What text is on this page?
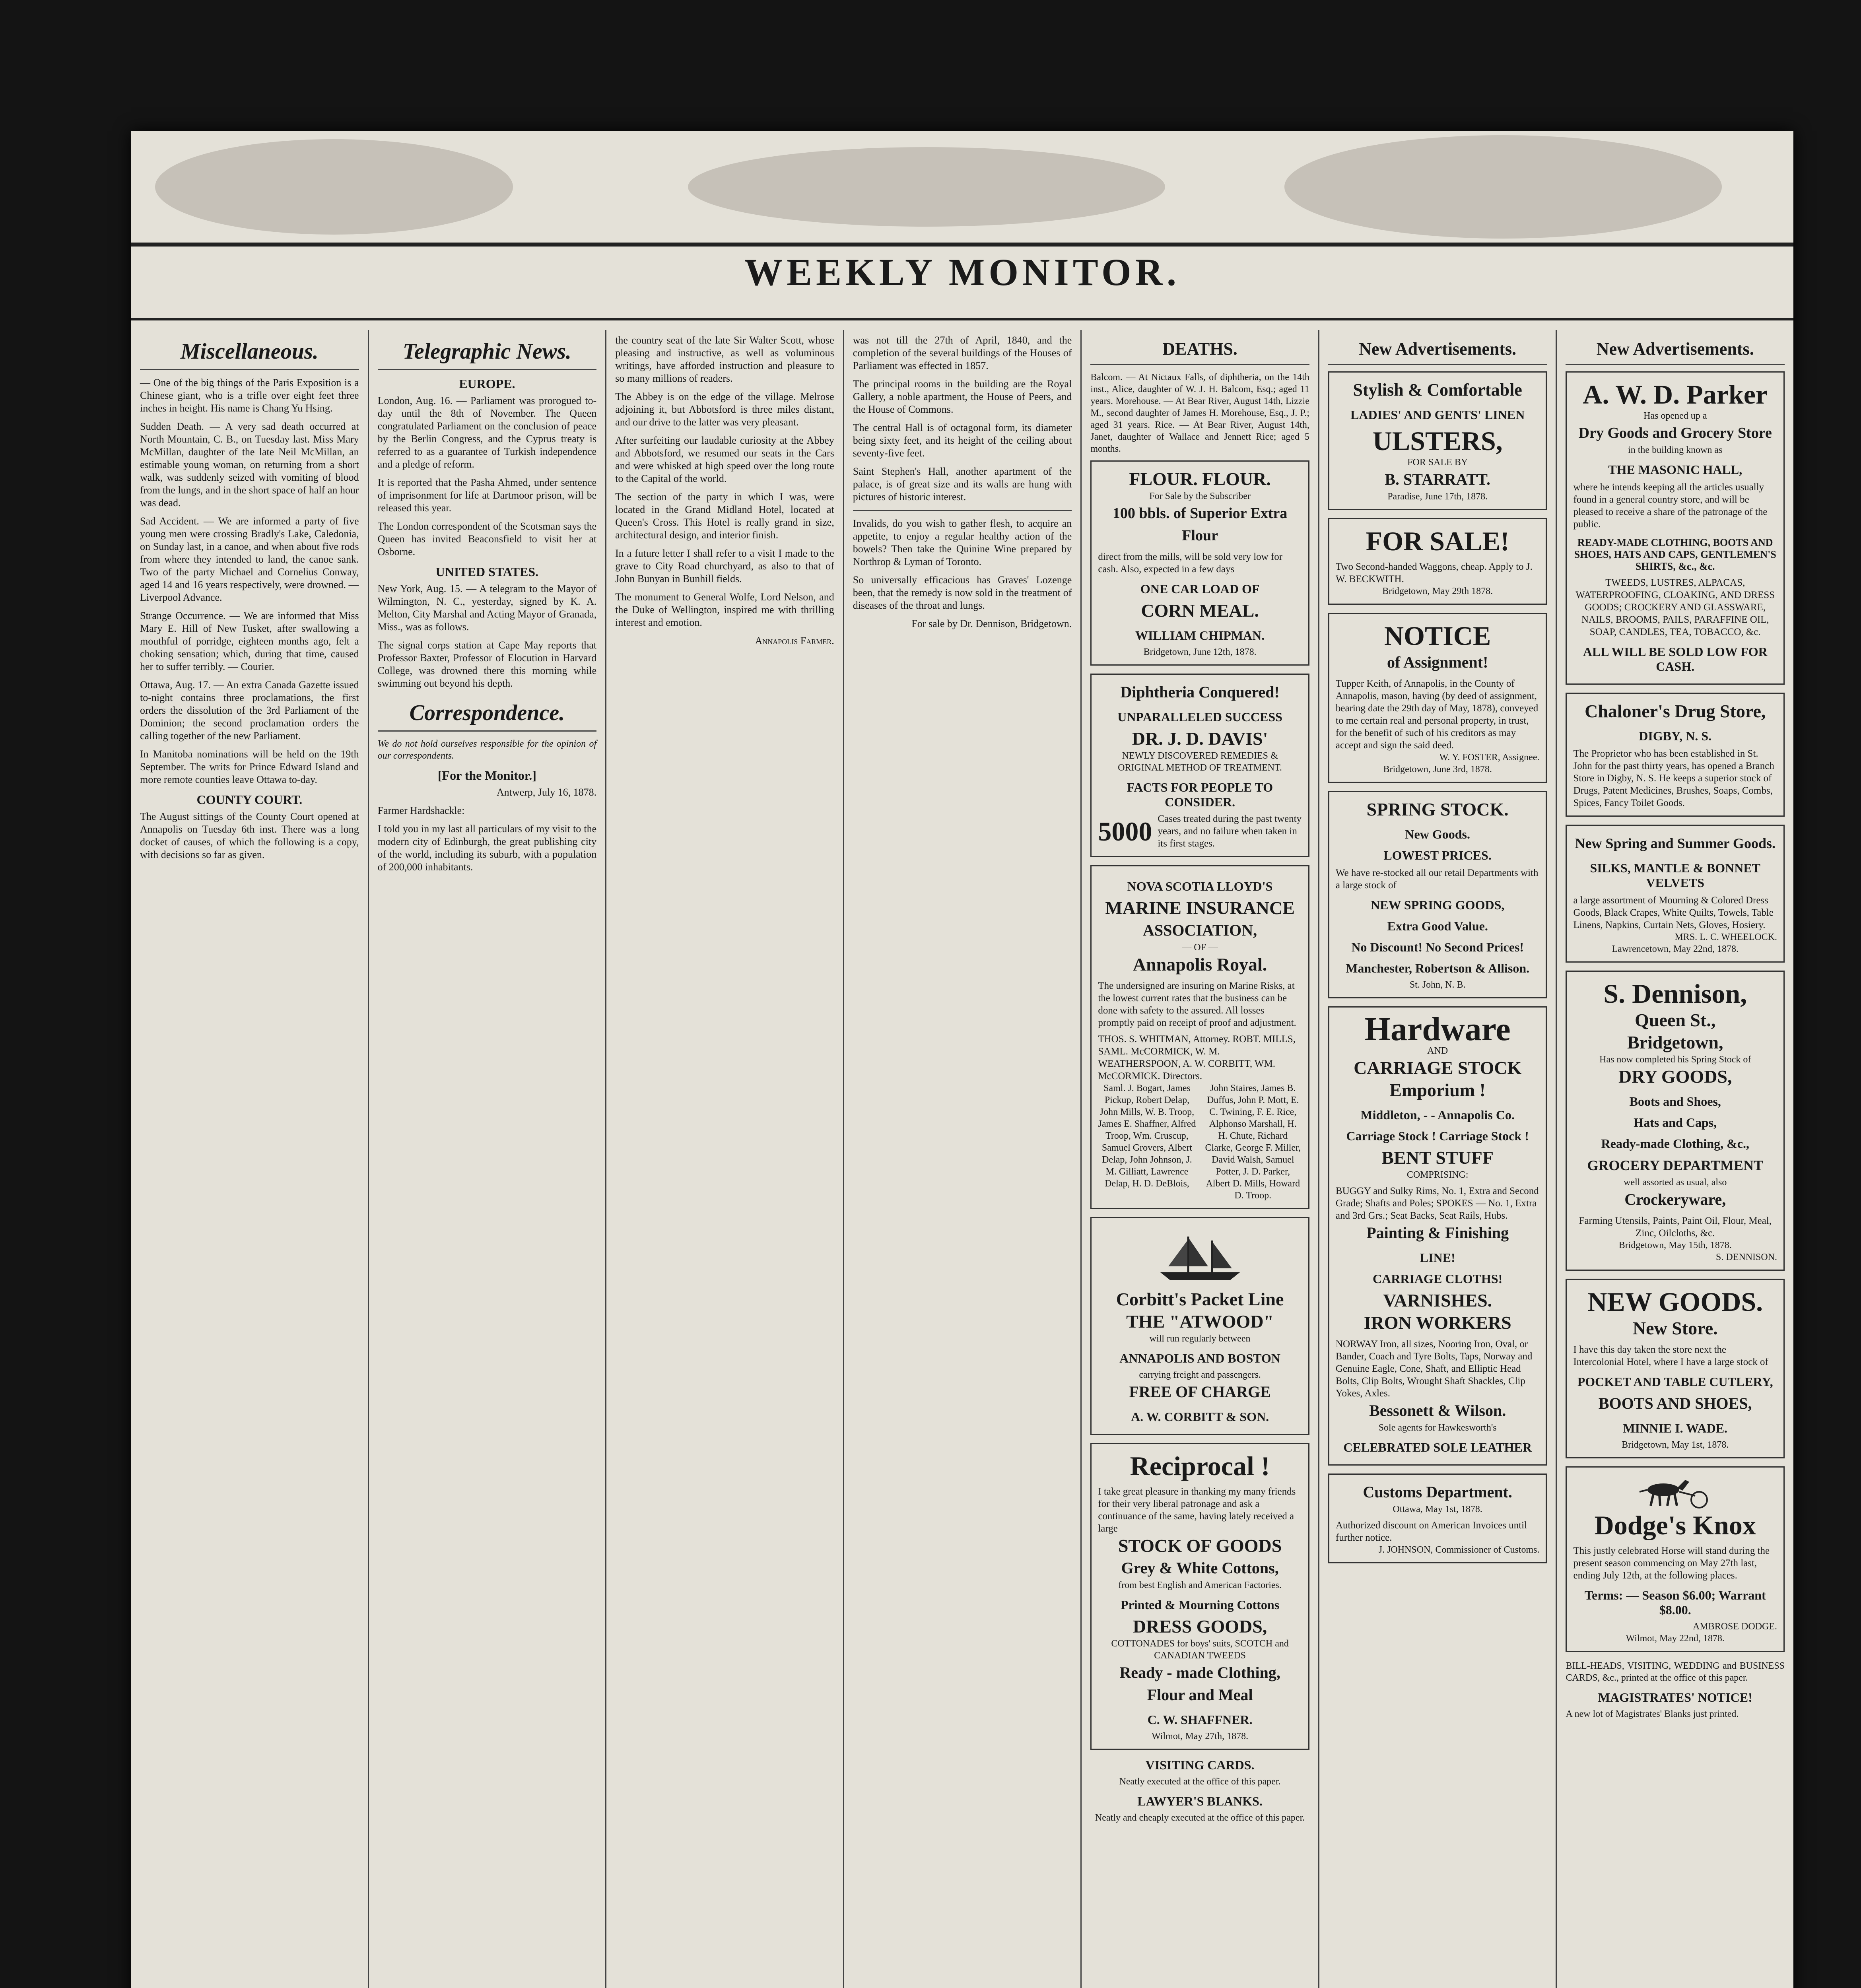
WEEKLY MONITOR.
Miscellaneous.

— One of the big things of the Paris Exposition is a Chinese giant, who is a trifle over eight feet three inches in height. His name is Chang Yu Hsing.

Sudden Death. — A very sad death occurred at North Mountain, C. B., on Tuesday last. Miss Mary McMillan, daughter of the late Neil McMillan, an estimable young woman, on returning from a short walk, was suddenly seized with vomiting of blood from the lungs, and in the short space of half an hour was dead.

Sad Accident. — We are informed a party of five young men were crossing Bradly's Lake, Caledonia, on Sunday last, in a canoe, and when about five rods from where they intended to land, the canoe sank. Two of the party Michael and Cornelius Conway, aged 14 and 16 years respectively, were drowned. — Liverpool Advance.

Strange Occurrence. — We are informed that Miss Mary E. Hill of New Tusket, after swallowing a mouthful of porridge, eighteen months ago, felt a choking sensation; which, during that time, caused her to suffer terribly. — Courier.

Ottawa, Aug. 17. — An extra Canada Gazette issued to-night contains three proclamations, the first orders the dissolution of the 3rd Parliament of the Dominion; the second proclamation orders the calling together of the new Parliament.

In Manitoba nominations will be held on the 19th September. The writs for Prince Edward Island and more remote counties leave Ottawa to-day.

COUNTY COURT.

The August sittings of the County Court opened at Annapolis on Tuesday 6th inst. There was a long docket of causes, of which the following is a copy, with decisions so far as given.

Telegraphic News.
EUROPE.

London, Aug. 16. — Parliament was prorogued to-day until the 8th of November. The Queen congratulated Parliament on the conclusion of peace by the Berlin Congress, and the Cyprus treaty is referred to as a guarantee of Turkish independence and a pledge of reform.

It is reported that the Pasha Ahmed, under sentence of imprisonment for life at Dartmoor prison, will be released this year.

The London correspondent of the Scotsman says the Queen has invited Beaconsfield to visit her at Osborne.

UNITED STATES.

New York, Aug. 15. — A telegram to the Mayor of Wilmington, N. C., yesterday, signed by K. A. Melton, City Marshal and Acting Mayor of Granada, Miss., was as follows.

The signal corps station at Cape May reports that Professor Baxter, Professor of Elocution in Harvard College, was drowned there this morning while swimming out beyond his depth.

Correspondence.

We do not hold ourselves responsible for the opinion of our correspondents.

[For the Monitor.]

Antwerp, July 16, 1878.

Farmer Hardshackle:

I told you in my last all particulars of my visit to the modern city of Edinburgh, the great publishing city of the world, including its suburb, with a population of 200,000 inhabitants.

the country seat of the late Sir Walter Scott, whose pleasing and instructive, as well as voluminous writings, have afforded instruction and pleasure to so many millions of readers.

The Abbey is on the edge of the village. Melrose adjoining it, but Abbotsford is three miles distant, and our drive to the latter was very pleasant.

After surfeiting our laudable curiosity at the Abbey and Abbotsford, we resumed our seats in the Cars and were whisked at high speed over the long route to the Capital of the world.

The section of the party in which I was, were located in the Grand Midland Hotel, located at Queen's Cross. This Hotel is really grand in size, architectural design, and interior finish.

In a future letter I shall refer to a visit I made to the grave to City Road churchyard, as also to that of John Bunyan in Bunhill fields.

The monument to General Wolfe, Lord Nelson, and the Duke of Wellington, inspired me with thrilling interest and emotion.

Annapolis Farmer.

was not till the 27th of April, 1840, and the completion of the several buildings of the Houses of Parliament was effected in 1857.

The principal rooms in the building are the Royal Gallery, a noble apartment, the House of Peers, and the House of Commons.

The central Hall is of octagonal form, its diameter being sixty feet, and its height of the ceiling about seventy-five feet.

Saint Stephen's Hall, another apartment of the palace, is of great size and its walls are hung with pictures of historic interest.

Invalids, do you wish to gather flesh, to acquire an appetite, to enjoy a regular healthy action of the bowels? Then take the Quinine Wine prepared by Northrop & Lyman of Toronto.

So universally efficacious has Graves' Lozenge been, that the remedy is now sold in the treatment of diseases of the throat and lungs.

For sale by Dr. Dennison, Bridgetown.

DEATHS.

Balcom. — At Nictaux Falls, of diphtheria, on the 14th inst., Alice, daughter of W. J. H. Balcom, Esq.; aged 11 years. Morehouse. — At Bear River, August 14th, Lizzie M., second daughter of James H. Morehouse, Esq., J. P.; aged 31 years. Rice. — At Bear River, August 14th, Janet, daughter of Wallace and Jennett Rice; aged 5 months.

FLOUR. FLOUR.
For Sale by the Subscriber
100 bbls. of Superior Extra Flour
direct from the mills, will be sold very low for cash. Also, expected in a few days
ONE CAR LOAD OF
CORN MEAL.
WILLIAM CHIPMAN.
Bridgetown, June 12th, 1878.
Diphtheria Conquered!
UNPARALLELED SUCCESS
DR. J. D. DAVIS'
NEWLY DISCOVERED REMEDIES & ORIGINAL METHOD OF TREATMENT.
FACTS FOR PEOPLE TO CONSIDER.
5000 Cases treated during the past twenty years, and no failure when taken in its first stages.
NOVA SCOTIA LLOYD'S
MARINE INSURANCE
ASSOCIATION,
— OF —
Annapolis Royal.
The undersigned are insuring on Marine Risks, at the lowest current rates that the business can be done with safety to the assured. All losses promptly paid on receipt of proof and adjustment.
THOS. S. WHITMAN, Attorney. ROBT. MILLS, SAML. McCORMICK, W. M. WEATHERSPOON, A. W. CORBITT, WM. McCORMICK. Directors.
Saml. J. Bogart, James Pickup, Robert Delap, John Mills, W. B. Troop, James E. Shaffner, Alfred Troop, Wm. Cruscup, Samuel Grovers, Albert Delap, John Johnson, J. M. Gilliatt, Lawrence Delap, H. D. DeBlois,
John Staires, James B. Duffus, John P. Mott, E. C. Twining, F. E. Rice, Alphonso Marshall, H. H. Chute, Richard Clarke, George F. Miller, David Walsh, Samuel Potter, J. D. Parker, Albert D. Mills, Howard D. Troop.
Corbitt's Packet Line
THE "ATWOOD"
will run regularly between
ANNAPOLIS AND BOSTON
carrying freight and passengers.
FREE OF CHARGE
A. W. CORBITT & SON.
Reciprocal !
I take great pleasure in thanking my many friends for their very liberal patronage and ask a continuance of the same, having lately received a large
STOCK OF GOODS
Grey & White Cottons,
from best English and American Factories.
Printed & Mourning Cottons
DRESS GOODS,
COTTONADES for boys' suits, SCOTCH and CANADIAN TWEEDS
Ready - made Clothing,
Flour and Meal
C. W. SHAFFNER.
Wilmot, May 27th, 1878.
VISITING CARDS.

Neatly executed at the office of this paper.

LAWYER'S BLANKS.

Neatly and cheaply executed at the office of this paper.

New Advertisements.
Stylish & Comfortable
LADIES' AND GENTS' LINEN
ULSTERS,
FOR SALE BY
B. STARRATT.
Paradise, June 17th, 1878.
FOR SALE!
Two Second-handed Waggons, cheap. Apply to J. W. BECKWITH.
Bridgetown, May 29th 1878.
NOTICE
of Assignment!
Tupper Keith, of Annapolis, in the County of Annapolis, mason, having (by deed of assignment, bearing date the 29th day of May, 1878), conveyed to me certain real and personal property, in trust, for the benefit of such of his creditors as may accept and sign the said deed.
W. Y. FOSTER, Assignee.
Bridgetown, June 3rd, 1878.
SPRING STOCK.
New Goods.
LOWEST PRICES.
We have re-stocked all our retail Departments with a large stock of
NEW SPRING GOODS,
Extra Good Value.
No Discount! No Second Prices!
Manchester, Robertson & Allison.
St. John, N. B.
Hardware
AND
CARRIAGE STOCK
Emporium !
Middleton, - - Annapolis Co.
Carriage Stock ! Carriage Stock !
BENT STUFF
COMPRISING:
BUGGY and Sulky Rims, No. 1, Extra and Second Grade; Shafts and Poles; SPOKES — No. 1, Extra and 3rd Grs.; Seat Backs, Seat Rails, Hubs.
Painting & Finishing
LINE!
CARRIAGE CLOTHS!
VARNISHES.
IRON WORKERS
NORWAY Iron, all sizes, Nooring Iron, Oval, or Bander, Coach and Tyre Bolts, Taps, Norway and Genuine Eagle, Cone, Shaft, and Elliptic Head Bolts, Clip Bolts, Wrought Shaft Shackles, Clip Yokes, Axles.
Bessonett & Wilson.
Sole agents for Hawkesworth's
CELEBRATED SOLE LEATHER
Customs Department.
Ottawa, May 1st, 1878.
Authorized discount on American Invoices until further notice.
J. JOHNSON, Commissioner of Customs.
New Advertisements.
A. W. D. Parker
Has opened up a
Dry Goods and Grocery Store
in the building known as
THE MASONIC HALL,
where he intends keeping all the articles usually found in a general country store, and will be pleased to receive a share of the patronage of the public.
READY-MADE CLOTHING, BOOTS AND SHOES, HATS AND CAPS, GENTLEMEN'S SHIRTS, &c., &c.
TWEEDS, LUSTRES, ALPACAS, WATERPROOFING, CLOAKING, AND DRESS GOODS; CROCKERY AND GLASSWARE, NAILS, BROOMS, PAILS, PARAFFINE OIL, SOAP, CANDLES, TEA, TOBACCO, &c.
ALL WILL BE SOLD LOW FOR CASH.
Chaloner's Drug Store,
DIGBY, N. S.
The Proprietor who has been established in St. John for the past thirty years, has opened a Branch Store in Digby, N. S. He keeps a superior stock of Drugs, Patent Medicines, Brushes, Soaps, Combs, Spices, Fancy Toilet Goods.
New Spring and Summer Goods.
SILKS, MANTLE & BONNET VELVETS
a large assortment of Mourning & Colored Dress Goods, Black Crapes, White Quilts, Towels, Table Linens, Napkins, Curtain Nets, Gloves, Hosiery.
MRS. L. C. WHEELOCK.
Lawrencetown, May 22nd, 1878.
S. Dennison,
Queen St.,
Bridgetown,
Has now completed his Spring Stock of
DRY GOODS,
Boots and Shoes,
Hats and Caps,
Ready-made Clothing, &c.,
GROCERY DEPARTMENT
well assorted as usual, also
Crockeryware,
Farming Utensils, Paints, Paint Oil, Flour, Meal, Zinc, Oilcloths, &c.
Bridgetown, May 15th, 1878.
S. DENNISON.
NEW GOODS.
New Store.
I have this day taken the store next the Intercolonial Hotel, where I have a large stock of
POCKET AND TABLE CUTLERY,
BOOTS AND SHOES,
MINNIE I. WADE.
Bridgetown, May 1st, 1878.
Dodge's Knox
This justly celebrated Horse will stand during the present season commencing on May 27th last, ending July 12th, at the following places.
Terms: — Season $6.00; Warrant $8.00.
AMBROSE DODGE.
Wilmot, May 22nd, 1878.

BILL-HEADS, VISITING, WEDDING and BUSINESS CARDS, &c., printed at the office of this paper.

MAGISTRATES' NOTICE!

A new lot of Magistrates' Blanks just printed.
